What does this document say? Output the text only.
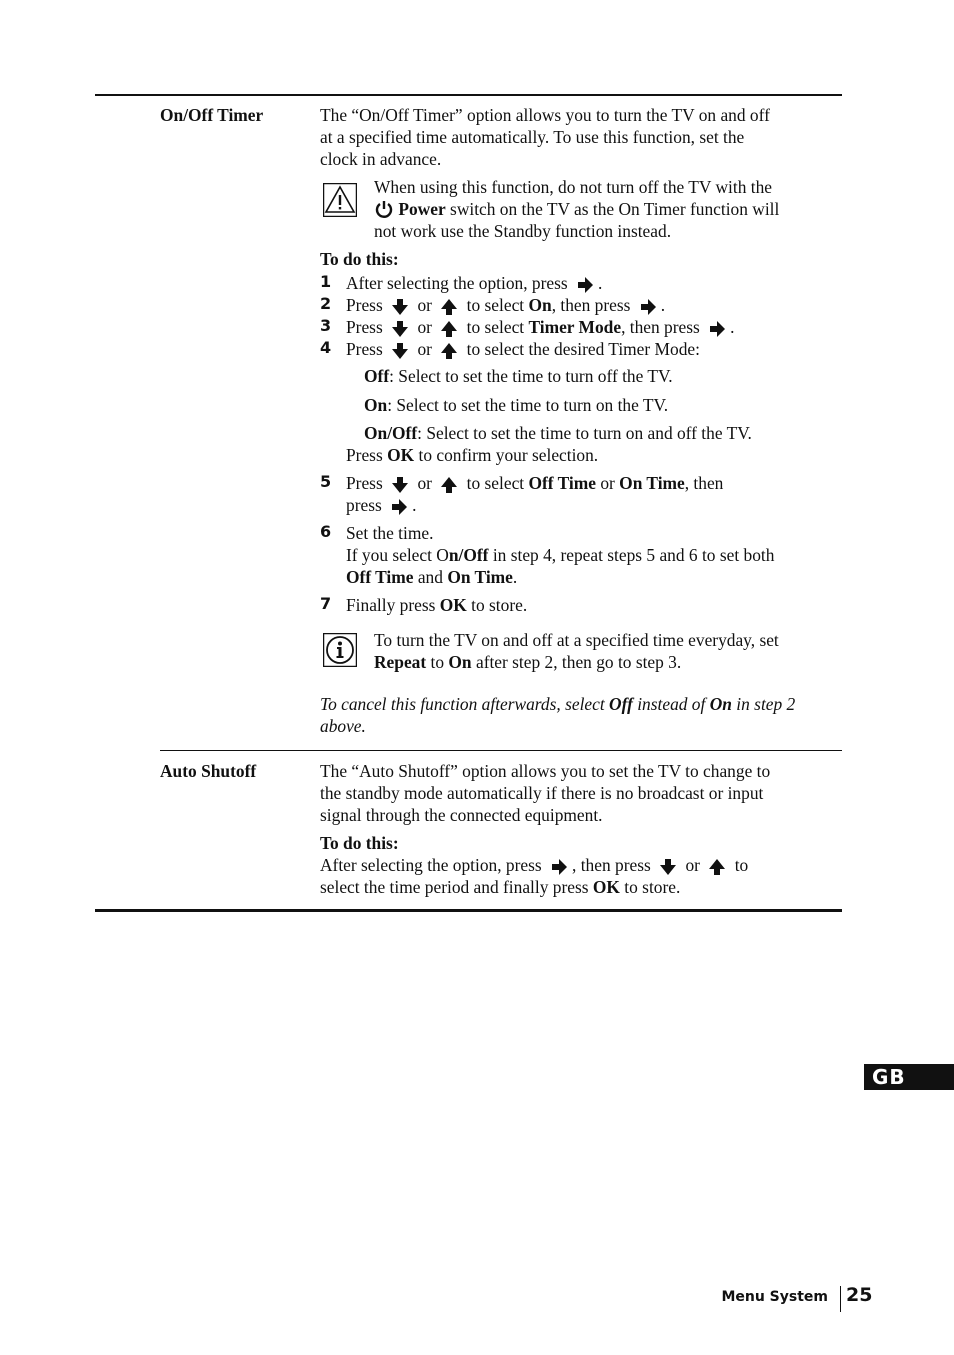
On/Off Timer	The “On/Off Timer” option allows you to turn the TV on and off
at a specified time automatically. To use this function, set the
clock in advance.
When using this function, do not turn off the TV with the
Power switch on the TV as the On Timer function will
not work use the Standby function instead.
To do this:
1 After selecting the option, press .
2 Press or to select On, then press .
3 Press or to select Timer Mode, then press .
4 Press or to select the desired Timer Mode:
Off: Select to set the time to turn off the TV.
On: Select to set the time to turn on the TV.
On/Off: Select to set the time to turn on and off the TV.
Press OK to confirm your selection.
5 Press or to select Off Time or On Time, then
press .
6 Set the time.
If you select On/Off in step 4, repeat steps 5 and 6 to set both
Off Time and On Time.
7 Finally press OK to store.
To turn the TV on and off at a specified time everyday, set
Repeat to On after step 2, then go to step 3.
To cancel this function afterwards, select Off instead of On in step 2
above.
Auto Shutoff	The “Auto Shutoff” option allows you to set the TV to change to
the standby mode automatically if there is no broadcast or input
signal through the connected equipment.
To do this:
After selecting the option, press , then press or to
select the time period and finally press OK to store.
GB
Menu System 25
